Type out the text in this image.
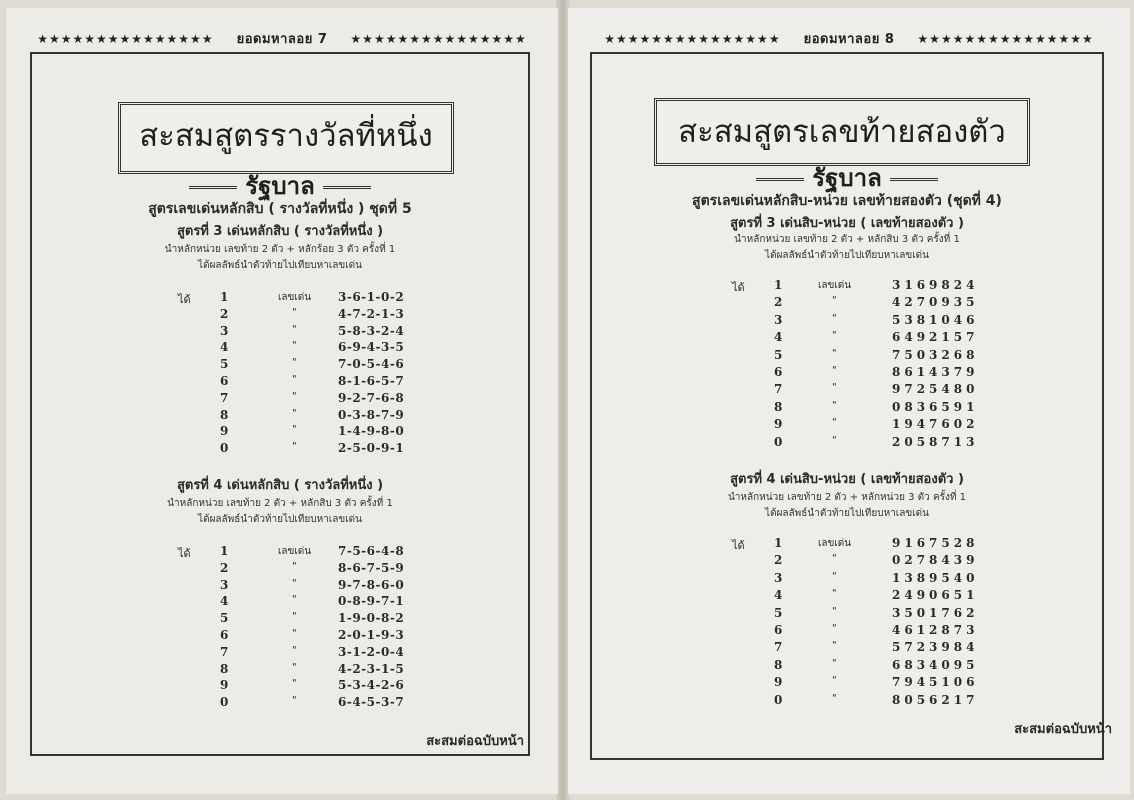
★★★★★★★★★★★★★★★ ยอดมหาลอย 7 ★★★★★★★★★★★★★★★
สะสมสูตรรางวัลที่หนึ่ง
รัฐบาล
สูตรเลขเด่นหลักสิบ ( รางวัลที่หนึ่ง ) ชุดที่ 5
สูตรที่ 3 เด่นหลักสิบ ( รางวัลที่หนึ่ง )
นำหลักหน่วย เลขท้าย 2 ตัว + หลักร้อย 3 ตัว ครั้งที่ 1
ได้ผลลัพธ์นำตัวท้ายไปเทียบหาเลขเด่น
ได้ 1	เลขเด่น 3-6-1-0-2
2	"	4-7-2-1-3
3	"	5-8-3-2-4
4	"	6-9-4-3-5
5	"	7-0-5-4-6
6	"	8-1-6-5-7
7	"	9-2-7-6-8
8	"	0-3-8-7-9
9	"	1-4-9-8-0
0	"	2-5-0-9-1
สูตรที่ 4 เด่นหลักสิบ ( รางวัลที่หนึ่ง )
นำหลักหน่วย เลขท้าย 2 ตัว + หลักสิบ 3 ตัว ครั้งที่ 1
ได้ผลลัพธ์นำตัวท้ายไปเทียบหาเลขเด่น
ได้ 1	เลขเด่น 7-5-6-4-8
2	"	8-6-7-5-9
3	"	9-7-8-6-0
4	"	0-8-9-7-1
5	"	1-9-0-8-2
6	"	2-0-1-9-3
7	"	3-1-2-0-4
8	"	4-2-3-1-5
9	"	5-3-4-2-6
0	"	6-4-5-3-7
สะสมต่อฉบับหน้า
★★★★★★★★★★★★★★★ ยอดมหาลอย 8 ★★★★★★★★★★★★★★★
สะสมสูตรเลขท้ายสองตัว
รัฐบาล
สูตรเลขเด่นหลักสิบ-หน่วย เลขท้ายสองตัว (ชุดที่ 4)
สูตรที่ 3 เด่นสิบ-หน่วย ( เลขท้ายสองตัว )
นำหลักหน่วย เลขท้าย 2 ตัว + หลักสิบ 3 ตัว ครั้งที่ 1
ได้ผลลัพธ์นำตัวท้ายไปเทียบหาเลขเด่น
ได้ 1	เลขเด่น	3169824
2	"	4270935
3	"	5381046
4	"	6492157
5	"	7503268
6	"	8614379
7	"	9725480
8	"	0836591
9	"	1947602
0	"	2058713
สูตรที่ 4 เด่นสิบ-หน่วย ( เลขท้ายสองตัว )
นำหลักหน่วย เลขท้าย 2 ตัว + หลักหน่วย 3 ตัว ครั้งที่ 1
ได้ผลลัพธ์นำตัวท้ายไปเทียบหาเลขเด่น
ได้ 1	เลขเด่น	9167528
2	"	0278439
3	"	1389540
4	"	2490651
5	"	3501762
6	"	4612873
7	"	5723984
8	"	6834095
9	"	7945106
0	"	8056217
สะสมต่อฉบับหน้า
